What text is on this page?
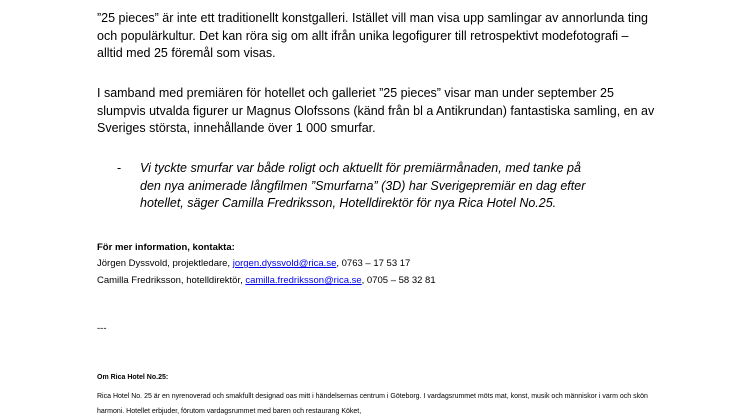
”25 pieces” är inte ett traditionellt konstgalleri. Istället vill man visa upp samlingar av annorlunda ting och populärkultur. Det kan röra sig om allt ifrån unika legofigurer till retrospektivt modefotografi – alltid med 25 föremål som visas.
I samband med premiären för hotellet och galleriet ”25 pieces” visar man under september 25 slumpvis utvalda figurer ur Magnus Olofssons (känd från bl a Antikrundan) fantastiska samling, en av Sveriges största, innehållande över 1 000 smurfar.
- Vi tyckte smurfar var både roligt och aktuellt för premiärmånaden, med tanke på den nya animerade långfilmen ”Smurfarna” (3D) har Sverigepremiär en dag efter hotellet, säger Camilla Fredriksson, Hotelldirektör för nya Rica Hotel No.25.
För mer information, kontakta:
Jörgen Dyssvold, projektledare, jorgen.dyssvold@rica.se, 0763 – 17 53 17
Camilla Fredriksson, hotelldirektör, camilla.fredriksson@rica.se, 0705 – 58 32 81
---
Om Rica Hotel No.25:
Rica Hotel No. 25 är en nyrenoverad och smakfullt designad oas mitt i händelsernas centrum i Göteborg. I vardagsrummet möts mat, konst, musik och människor i varm och skön harmoni. Hotellet erbjuder, förutom vardagsrummet med baren och restaurang Köket,
